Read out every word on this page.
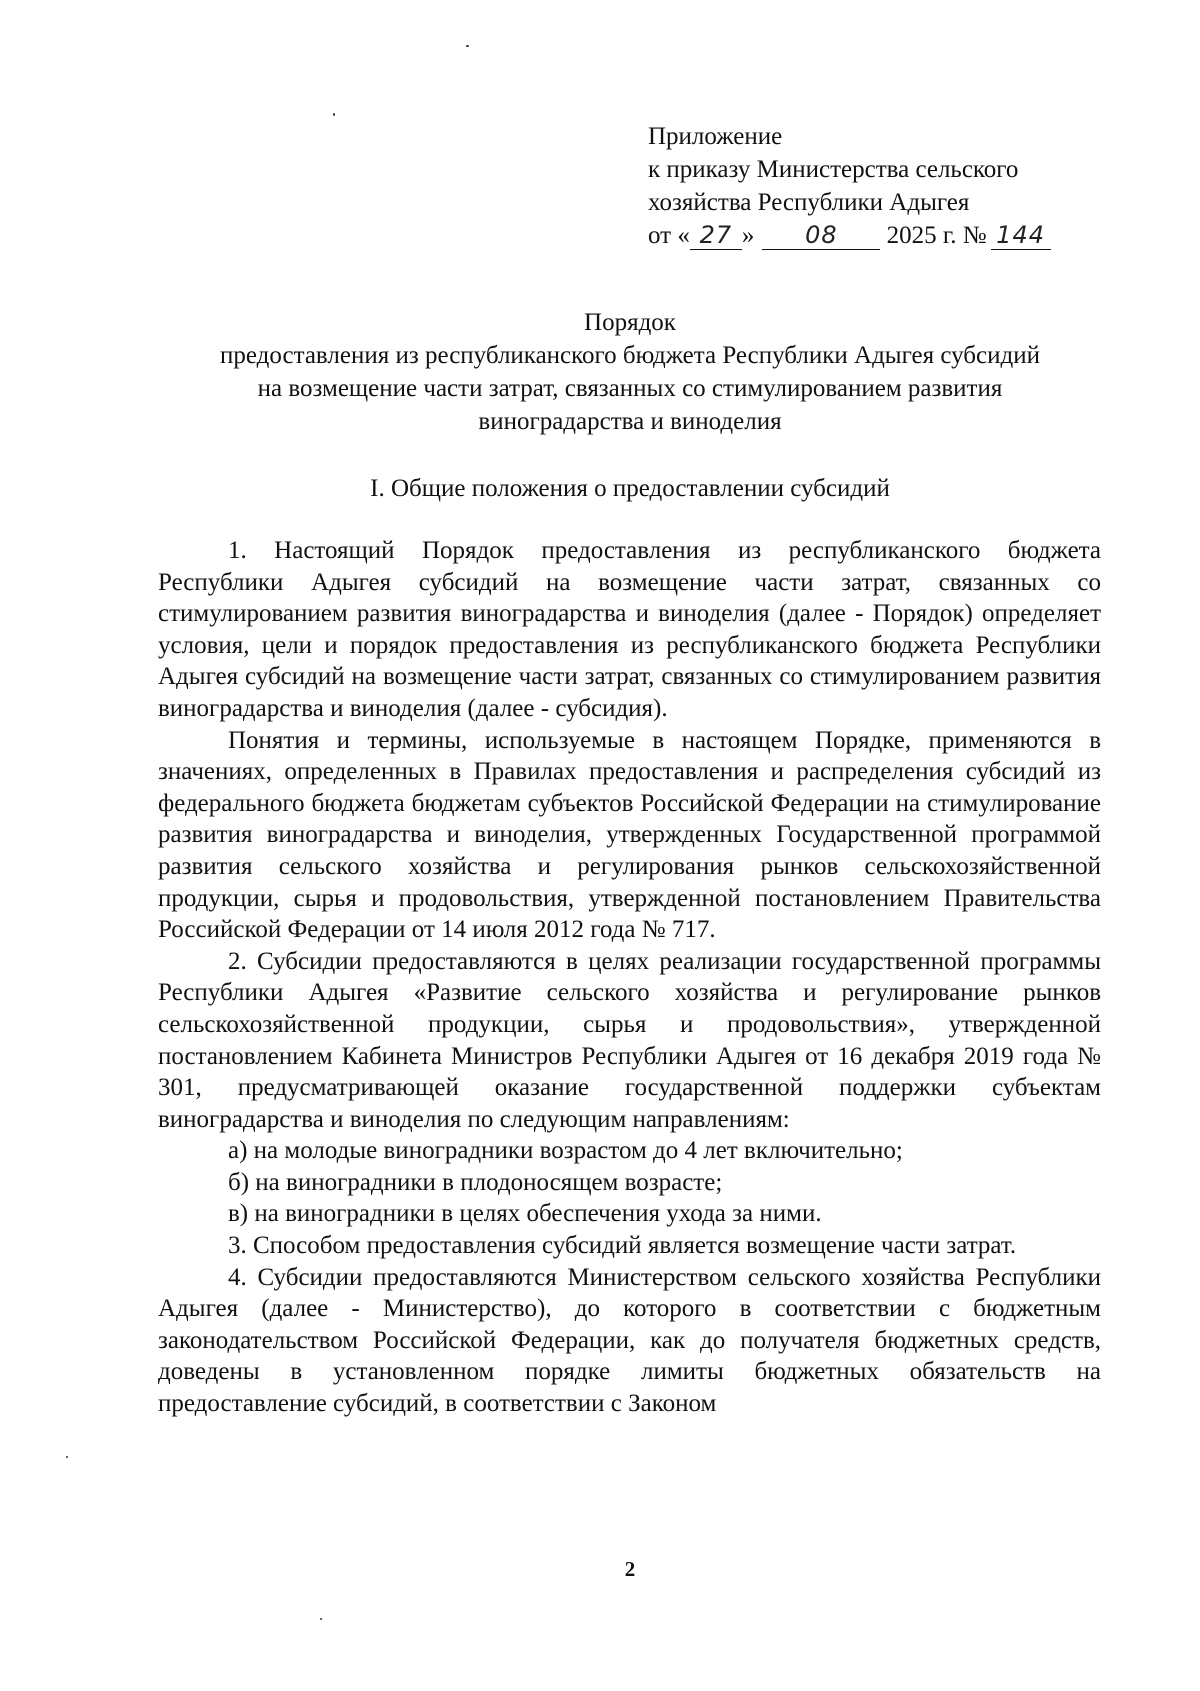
Приложение
к приказу Министерства сельского
хозяйства Республики Адыгея
от « 27 » 08 2025 г. № 144
Порядок
предоставления из республиканского бюджета Республики Адыгея субсидий
на возмещение части затрат, связанных со стимулированием развития
виноградарства и виноделия
I. Общие положения о предоставлении субсидий

1. Настоящий Порядок предоставления из республиканского бюджета Республики Адыгея субсидий на возмещение части затрат, связанных со стимулированием развития виноградарства и виноделия (далее - Порядок) определяет условия, цели и порядок предоставления из республиканского бюджета Республики Адыгея субсидий на возмещение части затрат, связанных со стимулированием развития виноградарства и виноделия (далее - субсидия).

Понятия и термины, используемые в настоящем Порядке, применяются в значениях, определенных в Правилах предоставления и распределения субсидий из федерального бюджета бюджетам субъектов Российской Федерации на стимулирование развития виноградарства и виноделия, утвержденных Государственной программой развития сельского хозяйства и регулирования рынков сельскохозяйственной продукции, сырья и продовольствия, утвержденной постановлением Правительства Российской Федерации от 14 июля 2012 года № 717.

2. Субсидии предоставляются в целях реализации государственной программы Республики Адыгея «Развитие сельского хозяйства и регулирование рынков сельскохозяйственной продукции, сырья и продовольствия», утвержденной постановлением Кабинета Министров Республики Адыгея от 16 декабря 2019 года № 301, предусматривающей оказание государственной поддержки субъектам виноградарства и виноделия по следующим направлениям:

а) на молодые виноградники возрастом до 4 лет включительно;

б) на виноградники в плодоносящем возрасте;

в) на виноградники в целях обеспечения ухода за ними.

3. Способом предоставления субсидий является возмещение части затрат.

4. Субсидии предоставляются Министерством сельского хозяйства Республики Адыгея (далее - Министерство), до которого в соответствии с бюджетным законодательством Российской Федерации, как до получателя бюджетных средств, доведены в установленном порядке лимиты бюджетных обязательств на предоставление субсидий, в соответствии с Законом

2
